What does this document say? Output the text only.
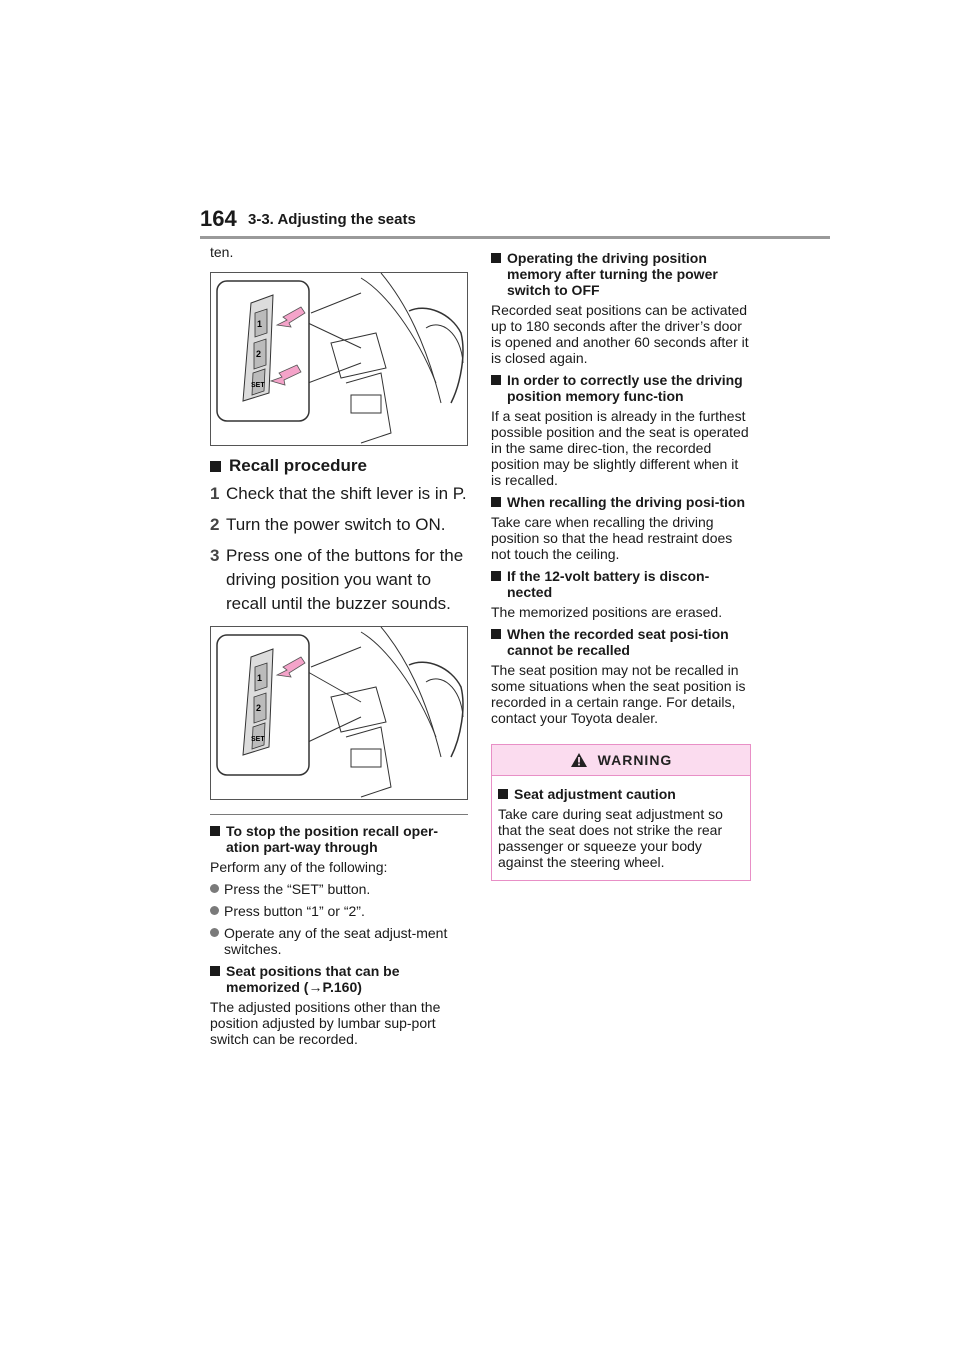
164 3-3. Adjusting the seats

ten.

1
2
SET
Recall procedure
1 Check that the shift lever is in P.
2 Turn the power switch to ON.
3 Press one of the buttons for the driving position you want to recall until the buzzer sounds.
1
2
SET
To stop the position recall oper-ation part-way through

Perform any of the following:

Press the “SET” button.
Press button “1” or “2”.
Operate any of the seat adjust-ment switches.
Seat positions that can be memorized (→P.160)

The adjusted positions other than the position adjusted by lumbar sup-port switch can be recorded.

Operating the driving position memory after turning the power switch to OFF

Recorded seat positions can be activated up to 180 seconds after the driver’s door is opened and another 60 seconds after it is closed again.

In order to correctly use the driving position memory func-tion

If a seat position is already in the furthest possible position and the seat is operated in the same direc-tion, the recorded position may be slightly different when it is recalled.

When recalling the driving posi-tion

Take care when recalling the driving position so that the head restraint does not touch the ceiling.

If the 12-volt battery is discon-nected

The memorized positions are erased.

When the recorded seat posi-tion cannot be recalled

The seat position may not be recalled in some situations when the seat position is recorded in a certain range. For details, contact your Toyota dealer.

WARNING
Seat adjustment caution

Take care during seat adjustment so that the seat does not strike the rear passenger or squeeze your body against the steering wheel.
